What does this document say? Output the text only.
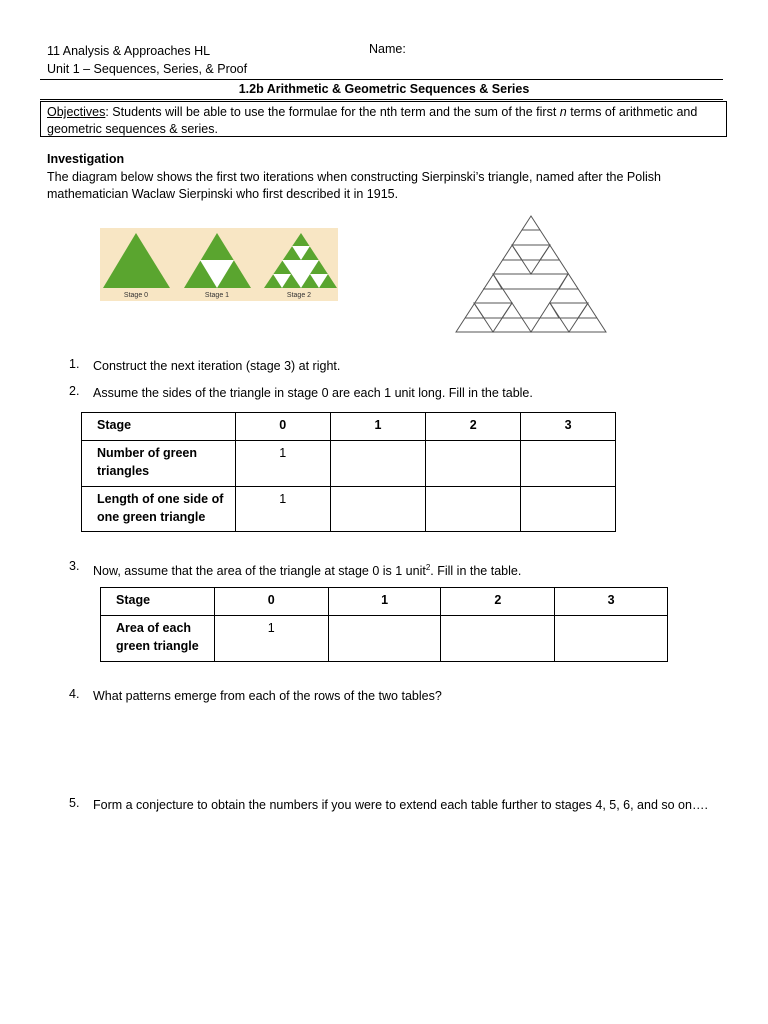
11 Analysis & Approaches HL
Unit 1 – Sequences, Series, & Proof
Name:
1.2b Arithmetic & Geometric Sequences & Series
Objectives: Students will be able to use the formulae for the nth term and the sum of the first n terms of arithmetic and geometric sequences & series.
Investigation
The diagram below shows the first two iterations when constructing Sierpinski’s triangle, named after the Polish mathematician Waclaw Sierpinski who first described it in 1915.
Stage 0	Stage 1	Stage 2
1.	Construct the next iteration (stage 3) at right.
2.	Assume the sides of the triangle in stage 0 are each 1 unit long. Fill in the table.
Stage	0	1	2	3
Number of green triangles	1			
Length of one side of one green triangle	1			
3.	Now, assume that the area of the triangle at stage 0 is 1 unit$^2$. Fill in the table.
Stage	0	1	2	3
Area of each green triangle	1			
4.	What patterns emerge from each of the rows of the two tables?
5.	Form a conjecture to obtain the numbers if you were to extend each table further to stages 4, 5, 6, and so on….
